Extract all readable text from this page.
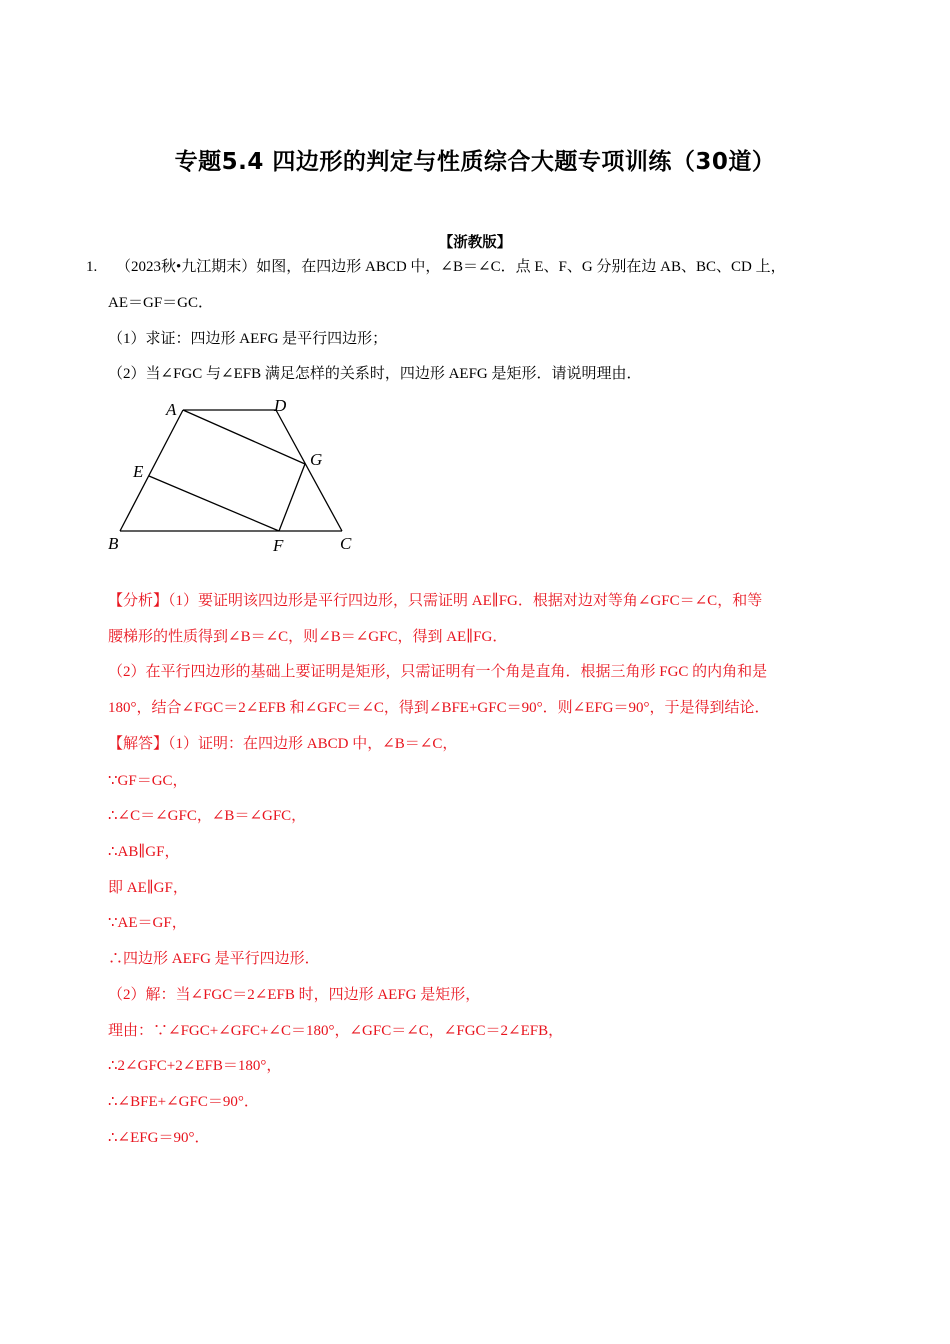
专题5.4 四边形的判定与性质综合大题专项训练（30道）
【浙教版】
1. （2023秋•九江期末）如图，在四边形 ABCD 中，∠B＝∠C．点 E、F、G 分别在边 AB、BC、CD 上，
AE＝GF＝GC．
（1）求证：四边形 AEFG 是平行四边形；
（2）当∠FGC 与∠EFB 满足怎样的关系时，四边形 AEFG 是矩形．请说明理由．
A	D
G
E
B	F	C
【分析】（1）要证明该四边形是平行四边形，只需证明 AE∥FG．根据对边对等角∠GFC＝∠C，和等
腰梯形的性质得到∠B＝∠C，则∠B＝∠GFC，得到 AE∥FG．
（2）在平行四边形的基础上要证明是矩形，只需证明有一个角是直角．根据三角形 FGC 的内角和是
180°，结合∠FGC＝2∠EFB 和∠GFC＝∠C，得到∠BFE+GFC＝90°．则∠EFG＝90°，于是得到结论．
【解答】（1）证明：在四边形 ABCD 中，∠B＝∠C，
∵GF＝GC，
∴∠C＝∠GFC，∠B＝∠GFC，
∴AB∥GF，
即 AE∥GF，
∵AE＝GF，
∴四边形 AEFG 是平行四边形．
（2）解：当∠FGC＝2∠EFB 时，四边形 AEFG 是矩形，
理由：∵∠FGC+∠GFC+∠C＝180°，∠GFC＝∠C，∠FGC＝2∠EFB，
∴2∠GFC+2∠EFB＝180°，
∴∠BFE+∠GFC＝90°．
∴∠EFG＝90°．
